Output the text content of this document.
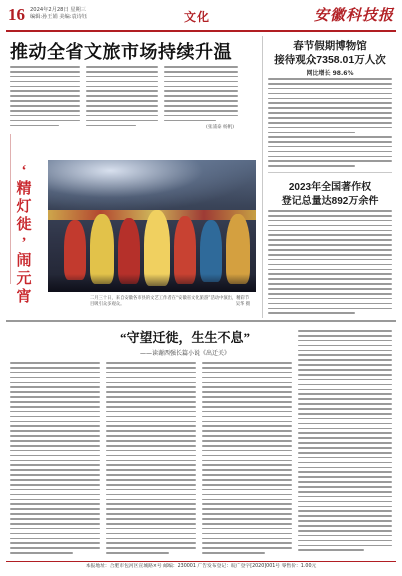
16 2024年2月28日 星期三
编辑:孙王娟 美编:袁诗钰	文化	安徽科技报
推动全省文旅市场持续升温
(张浦泰 杨帆)
‘
精
灯
徙
’
闹
元
宵	二月三十日，来自安徽各市县的文艺工作者在“安徽省文化旅游”活动中演出，精彩节目吸引众多观众。	吴华 摄
春节假期博物馆
接待观众7358.01万人次
网比增长 98.6%
2023年全国著作权
登记总量达892万余件
“守望迁徙，生生不息”
——读谢西强长篇小说《出迁关》
本报地址：合肥市包河区宣城路×号 邮编：230001 广告发布登记：皖广登字[2020]001号 零售价：1.00元
